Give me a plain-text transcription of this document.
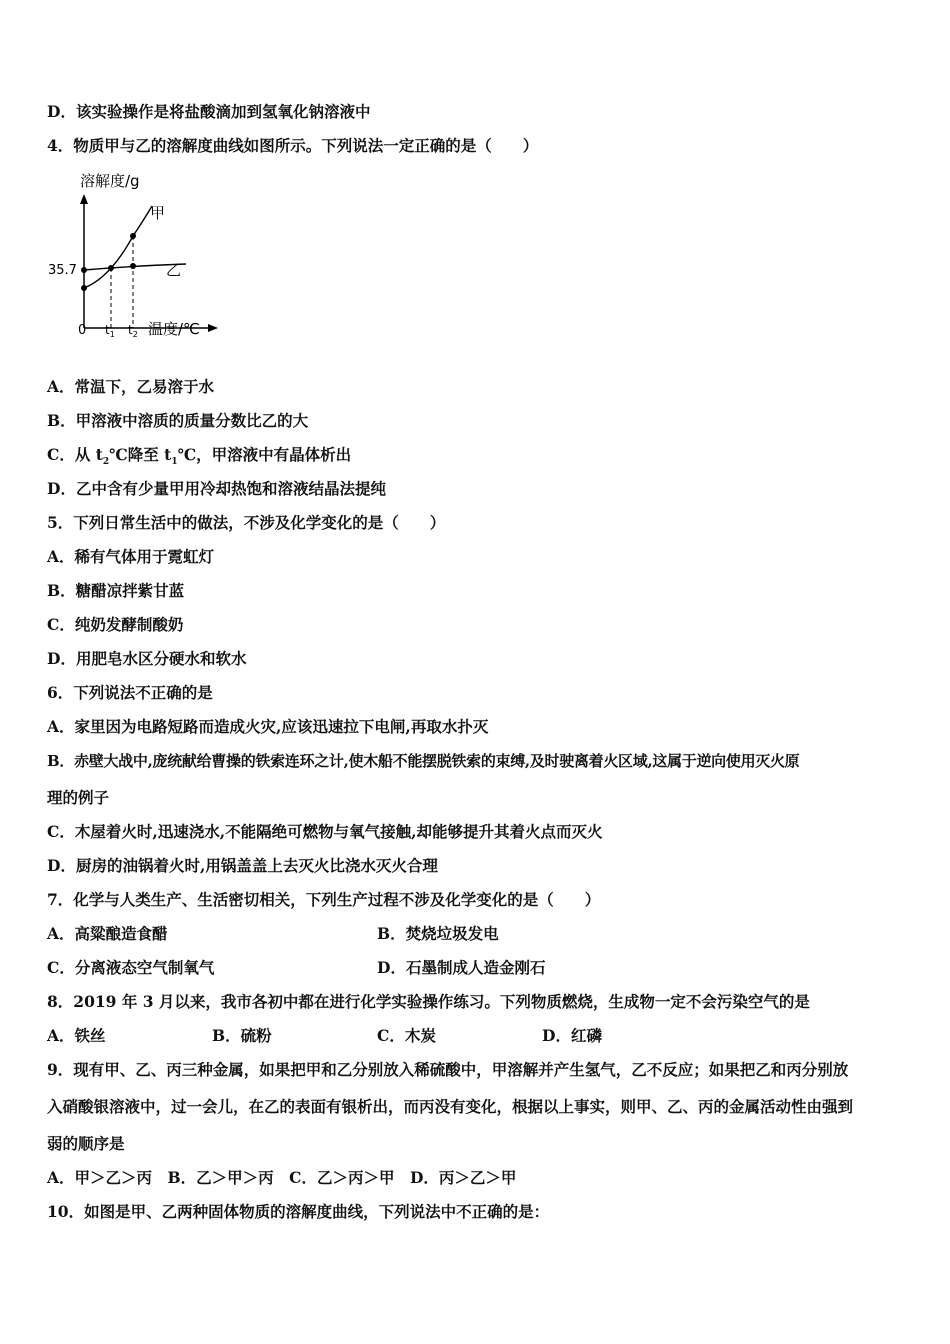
D．该实验操作是将盐酸滴加到氢氧化钠溶液中
4．物质甲与乙的溶解度曲线如图所示。下列说法一定正确的是（　　）
溶解度/g
35.7
甲
乙
0 $t_1$ $t_2$ 温度/℃
A．常温下，乙易溶于水
B．甲溶液中溶质的质量分数比乙的大
C．从 $t_2℃$降至 $t_1℃$，甲溶液中有晶体析出
D．乙中含有少量甲用冷却热饱和溶液结晶法提纯
5．下列日常生活中的做法，不涉及化学变化的是（　　）
A．稀有气体用于霓虹灯
B．糖醋凉拌紫甘蓝
C．纯奶发酵制酸奶
D．用肥皂水区分硬水和软水
6．下列说法不正确的是
A．家里因为电路短路而造成火灾,应该迅速拉下电闸,再取水扑灭
B．赤壁大战中,庞统献给曹操的铁索连环之计,使木船不能摆脱铁索的束缚,及时驶离着火区域,这属于逆向使用灭火原
理的例子
C．木屋着火时,迅速浇水,不能隔绝可燃物与氧气接触,却能够提升其着火点而灭火
D．厨房的油锅着火时,用锅盖盖上去灭火比浇水灭火合理
7．化学与人类生产、生活密切相关，下列生产过程不涉及化学变化的是（　　）
A．高粱酿造食醋	B．焚烧垃圾发电
C．分离液态空气制氧气	D．石墨制成人造金刚石
8．2019 年 3 月以来，我市各初中都在进行化学实验操作练习。下列物质燃烧，生成物一定不会污染空气的是
A．铁丝	B．硫粉	C．木炭	D．红磷
9．现有甲、乙、丙三种金属，如果把甲和乙分别放入稀硫酸中，甲溶解并产生氢气，乙不反应；如果把乙和丙分别放
入硝酸银溶液中，过一会儿，在乙的表面有银析出，而丙没有变化，根据以上事实，则甲、乙、丙的金属活动性由强到
弱的顺序是
A．甲＞乙＞丙　B．乙＞甲＞丙　C．乙＞丙＞甲　D．丙＞乙＞甲
10．如图是甲、乙两种固体物质的溶解度曲线，下列说法中不正确的是：
